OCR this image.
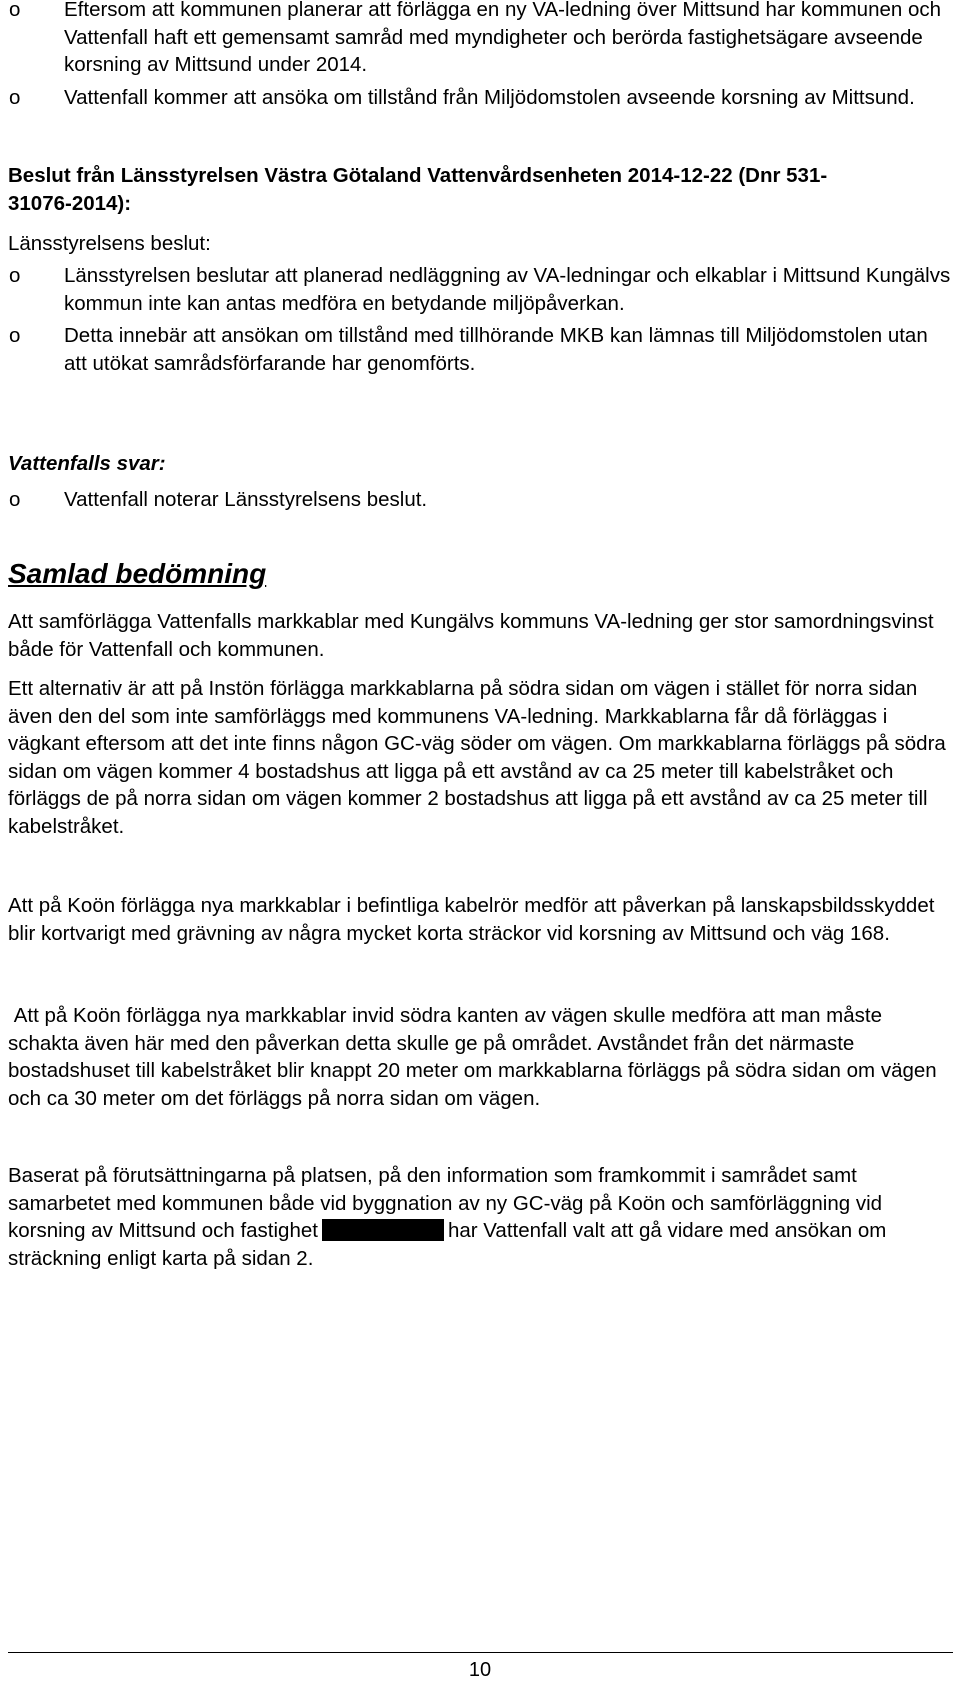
o	Eftersom att kommunen planerar att förlägga en ny VA-ledning över Mittsund har kommunen och Vattenfall haft ett gemensamt samråd med myndigheter och berörda fastighetsägare avseende korsning av Mittsund under 2014.
o	Vattenfall kommer att ansöka om tillstånd från Miljödomstolen avseende korsning av Mittsund.

Beslut från Länsstyrelsen Västra Götaland Vattenvårdsenheten 2014-12-22 (Dnr 531-31076-2014):

Länsstyrelsens beslut:

o	Länsstyrelsen beslutar att planerad nedläggning av VA-ledningar och elkablar i Mittsund Kungälvs kommun inte kan antas medföra en betydande miljöpåverkan.
o	Detta innebär att ansökan om tillstånd med tillhörande MKB kan lämnas till Miljödomstolen utan att utökat samrådsförfarande har genomförts.

Vattenfalls svar:

o	Vattenfall noterar Länsstyrelsens beslut.
Samlad bedömning

Att samförlägga Vattenfalls markkablar med Kungälvs kommuns VA-ledning ger stor samordningsvinst både för Vattenfall och kommunen.

Ett alternativ är att på Instön förlägga markkablarna på södra sidan om vägen i stället för norra sidan även den del som inte samförläggs med kommunens VA-ledning. Markkablarna får då förläggas i vägkant eftersom att det inte finns någon GC-väg söder om vägen. Om markkablarna förläggs på södra sidan om vägen kommer 4 bostadshus att ligga på ett avstånd av ca 25 meter till kabelstråket och förläggs de på norra sidan om vägen kommer 2 bostadshus att ligga på ett avstånd av ca 25 meter till kabelstråket.

Att på Koön förlägga nya markkablar i befintliga kabelrör medför att påverkan på lanskapsbildsskyddet blir kortvarigt med grävning av några mycket korta sträckor vid korsning av Mittsund och väg 168.

Att på Koön förlägga nya markkablar invid södra kanten av vägen skulle medföra att man måste schakta även här med den påverkan detta skulle ge på området. Avståndet från det närmaste bostadshuset till kabelstråket blir knappt 20 meter om markkablarna förläggs på södra sidan om vägen och ca 30 meter om det förläggs på norra sidan om vägen.

Baserat på förutsättningarna på platsen, på den information som framkommit i samrådet samt samarbetet med kommunen både vid byggnation av ny GC-väg på Koön och samförläggning vid korsning av Mittsund och fastighet	har Vattenfall valt att gå vidare med ansökan om sträckning enligt karta på sidan 2.

10
